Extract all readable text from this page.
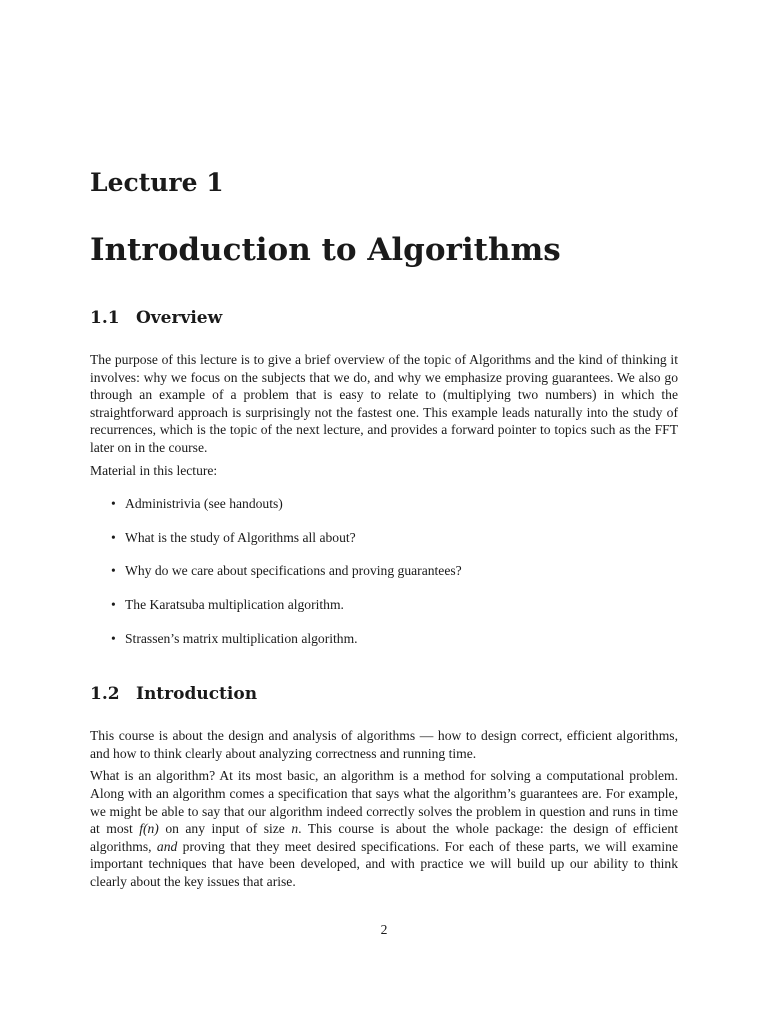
Lecture 1
Introduction to Algorithms
1.1 Overview

The purpose of this lecture is to give a brief overview of the topic of Algorithms and the kind of thinking it involves: why we focus on the subjects that we do, and why we emphasize proving guarantees. We also go through an example of a problem that is easy to relate to (multiplying two numbers) in which the straightforward approach is surprisingly not the fastest one. This example leads naturally into the study of recurrences, which is the topic of the next lecture, and provides a forward pointer to topics such as the FFT later on in the course.

Material in this lecture:

• Administrivia (see handouts)
• What is the study of Algorithms all about?
• Why do we care about specifications and proving guarantees?
• The Karatsuba multiplication algorithm.
• Strassen’s matrix multiplication algorithm.
1.2 Introduction

This course is about the design and analysis of algorithms — how to design correct, efficient algorithms, and how to think clearly about analyzing correctness and running time.

What is an algorithm? At its most basic, an algorithm is a method for solving a computational problem. Along with an algorithm comes a specification that says what the algorithm’s guarantees are. For example, we might be able to say that our algorithm indeed correctly solves the problem in question and runs in time at most f(n) on any input of size n. This course is about the whole package: the design of efficient algorithms, and proving that they meet desired specifications. For each of these parts, we will examine important techniques that have been developed, and with practice we will build up our ability to think clearly about the key issues that arise.

2
